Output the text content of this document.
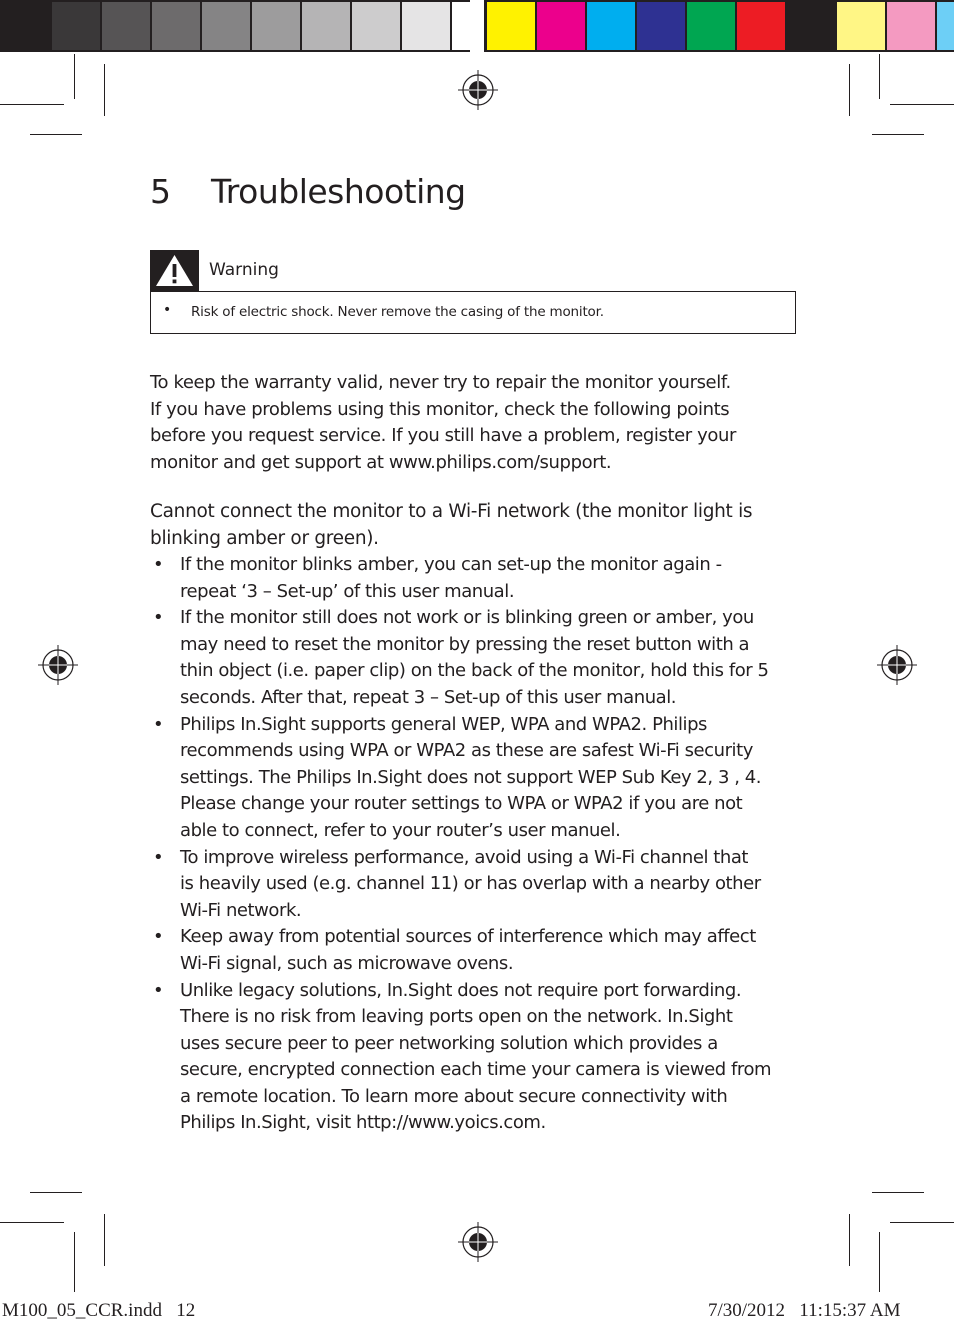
5 Troubleshooting
Warning
• Risk of electric shock. Never remove the casing of the monitor.
To keep the warranty valid, never try to repair the monitor yourself.
If you have problems using this monitor, check the following points
before you request service. If you still have a problem, register your
monitor and get support at www.philips.com/support.
Cannot connect the monitor to a Wi-Fi network (the monitor light is
blinking amber or green).
• If the monitor blinks amber, you can set-up the monitor again -
repeat ‘3 – Set-up’ of this user manual.
• If the monitor still does not work or is blinking green or amber, you
may need to reset the monitor by pressing the reset button with a
thin object (i.e. paper clip) on the back of the monitor, hold this for 5
seconds. After that, repeat 3 – Set-up of this user manual.
• Philips In.Sight supports general WEP, WPA and WPA2. Philips
recommends using WPA or WPA2 as these are safest Wi-Fi security
settings. The Philips In.Sight does not support WEP Sub Key 2, 3 , 4.
Please change your router settings to WPA or WPA2 if you are not
able to connect, refer to your router’s user manuel.
• To improve wireless performance, avoid using a Wi-Fi channel that
is heavily used (e.g. channel 11) or has overlap with a nearby other
Wi-Fi network.
• Keep away from potential sources of interference which may affect
Wi-Fi signal, such as microwave ovens.
• Unlike legacy solutions, In.Sight does not require port forwarding.
There is no risk from leaving ports open on the network. In.Sight
uses secure peer to peer networking solution which provides a
secure, encrypted connection each time your camera is viewed from
a remote location. To learn more about secure connectivity with
Philips In.Sight, visit http://www.yoics.com.
M100_05_CCR.indd   12	7/30/2012   11:15:37 AM
